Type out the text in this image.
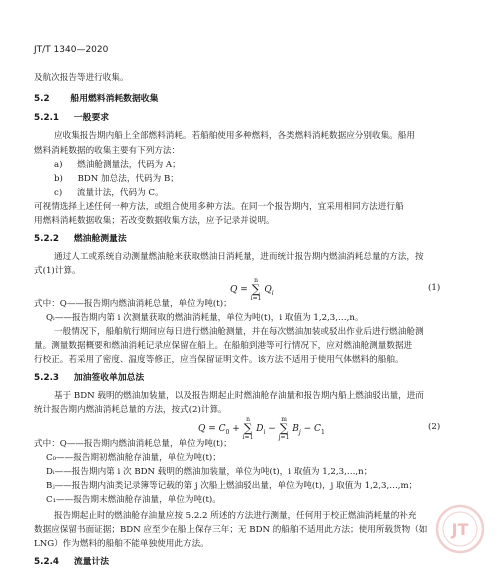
JT/T 1340—2020
及航次报告等进行收集。
5.2 船用燃料消耗数据收集
5.2.1 一般要求
应收集报告期内船上全部燃料消耗。若船舶使用多种燃料，各类燃料消耗数据应分别收集。船用
燃料消耗数据的收集主要有下列方法：
a) 燃油舱测量法，代码为 A；
b) BDN 加总法，代码为 B；
c) 流量计法，代码为 C。
可视情选择上述任何一种方法，或组合使用多种方法。在同一个报告期内，宜采用相同方法进行船
用燃料消耗数据收集；若改变数据收集方法，应予记录并说明。
5.2.2 燃油舱测量法
通过人工或系统自动测量燃油舱来获取燃油日消耗量，进而统计报告期内燃油消耗总量的方法，按
式(1)计算。
Q =
n
∑
i=1
$Q_i$
(1)
式中：Q——报告期内燃油消耗总量，单位为吨(t)；
Qᵢ——报告期内第 i 次测量获取的燃油消耗量，单位为吨(t)，i 取值为 1,2,3,…,n。
一般情况下，船舶航行期间应每日进行燃油舱测量，并在每次燃油加装或驳出作业后进行燃油舱测
量。测量数据概要和燃油消耗记录应保留在船上。在船舶到港等可行情况下，应对燃油舱测量数据进
行校正。若采用了密度、温度等修正，应当保留证明文件。该方法不适用于使用气体燃料的船舶。
5.2.3 加油签收单加总法
基于 BDN 载明的燃油加装量，以及报告期起止时燃油舱存油量和报告期内船上燃油驳出量，进而
统计报告期内燃油消耗总量的方法，按式(2)计算。
$Q = C_0$ +
n
∑
i=1
$D_i$ −
m
∑
j=1
$B_j - C_1$
(2)
式中：Q——报告期内燃油消耗总量，单位为吨(t)；
C₀——报告期初燃油舱存油量，单位为吨(t)；
Dᵢ——报告期内第 i 次 BDN 载明的燃油加装量，单位为吨(t)，i 取值为 1,2,3,…,n；
Bⱼ——报告期内油类记录簿等记载的第 j 次船上燃油驳出量，单位为吨(t)，j 取值为 1,2,3,…,m；
C₁——报告期末燃油舱存油量，单位为吨(t)。
报告期起止时的燃油舱存油量应按 5.2.2 所述的方法进行测量，任何用于校正燃油消耗量的补充
数据应保留书面证据；BDN 应至少在船上保存三年；无 BDN 的船舶不适用此方法；使用所载货物（如
LNG）作为燃料的船舶不能单独使用此方法。
5.2.4 流量计法
JT
